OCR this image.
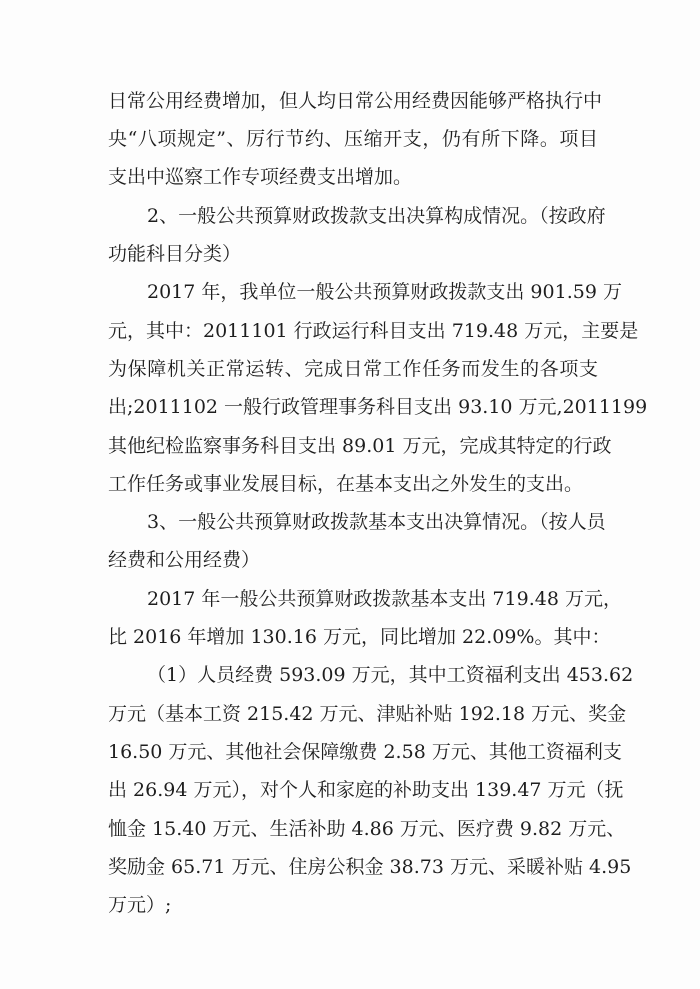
日常公用经费增加，但人均日常公用经费因能够严格执行中
央“八项规定”、厉行节约、压缩开支，仍有所下降。项目
支出中巡察工作专项经费支出增加。
2、一般公共预算财政拨款支出决算构成情况。（按政府
功能科目分类）
2017 年，我单位一般公共预算财政拨款支出 901.59 万
元，其中：2011101 行政运行科目支出 719.48 万元，主要是
为保障机关正常运转、完成日常工作任务而发生的各项支
出;2011102 一般行政管理事务科目支出 93.10 万元,2011199
其他纪检监察事务科目支出 89.01 万元，完成其特定的行政
工作任务或事业发展目标，在基本支出之外发生的支出。
3、一般公共预算财政拨款基本支出决算情况。（按人员
经费和公用经费）
2017 年一般公共预算财政拨款基本支出 719.48 万元，
比 2016 年增加 130.16 万元，同比增加 22.09%。其中：
（1）人员经费 593.09 万元，其中工资福利支出 453.62
万元（基本工资 215.42 万元、津贴补贴 192.18 万元、奖金
16.50 万元、其他社会保障缴费 2.58 万元、其他工资福利支
出 26.94 万元），对个人和家庭的补助支出 139.47 万元（抚
恤金 15.40 万元、生活补助 4.86 万元、医疗费 9.82 万元、
奖励金 65.71 万元、住房公积金 38.73 万元、采暖补贴 4.95
万元）;
